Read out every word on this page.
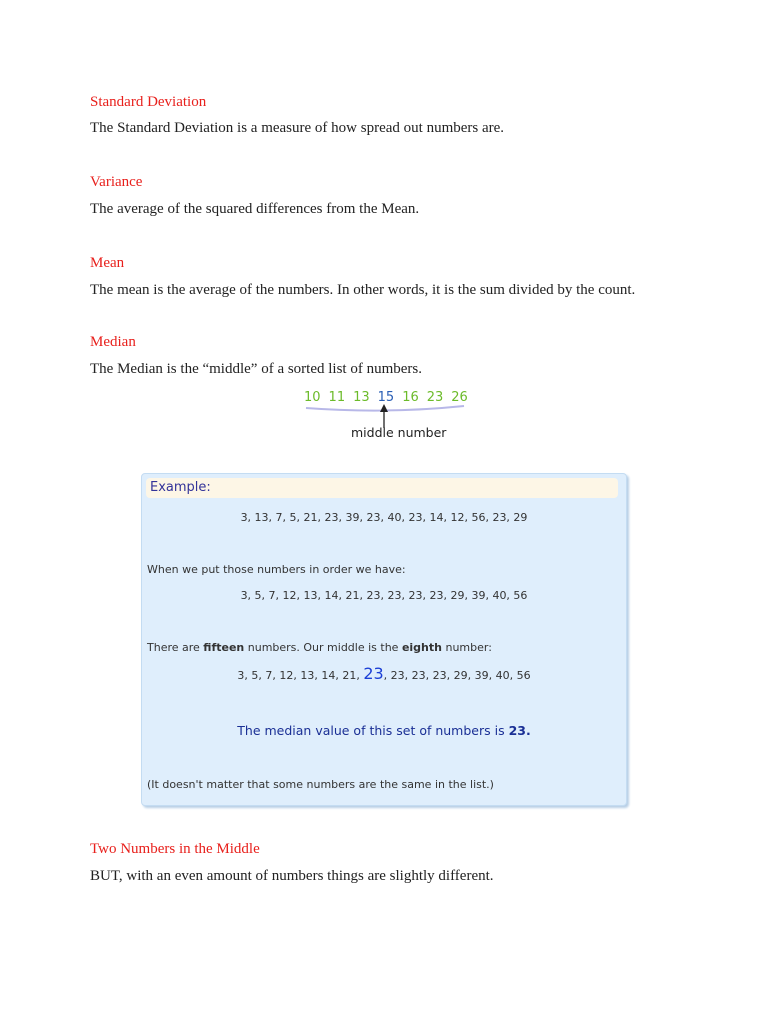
Standard Deviation
The Standard Deviation is a measure of how spread out numbers are.
Variance
The average of the squared differences from the Mean.
Mean
The mean is the average of the numbers. In other words, it is the sum divided by the count.
Median
The Median is the “middle” of a sorted list of numbers.
10 11 13 15 16 23 26
middle number
Example:
3, 13, 7, 5, 21, 23, 39, 23, 40, 23, 14, 12, 56, 23, 29
When we put those numbers in order we have:
3, 5, 7, 12, 13, 14, 21, 23, 23, 23, 23, 29, 39, 40, 56
There are fifteen numbers. Our middle is the eighth number:
3, 5, 7, 12, 13, 14, 21, 23, 23, 23, 23, 29, 39, 40, 56
The median value of this set of numbers is 23.
(It doesn't matter that some numbers are the same in the list.)
Two Numbers in the Middle
BUT, with an even amount of numbers things are slightly different.
